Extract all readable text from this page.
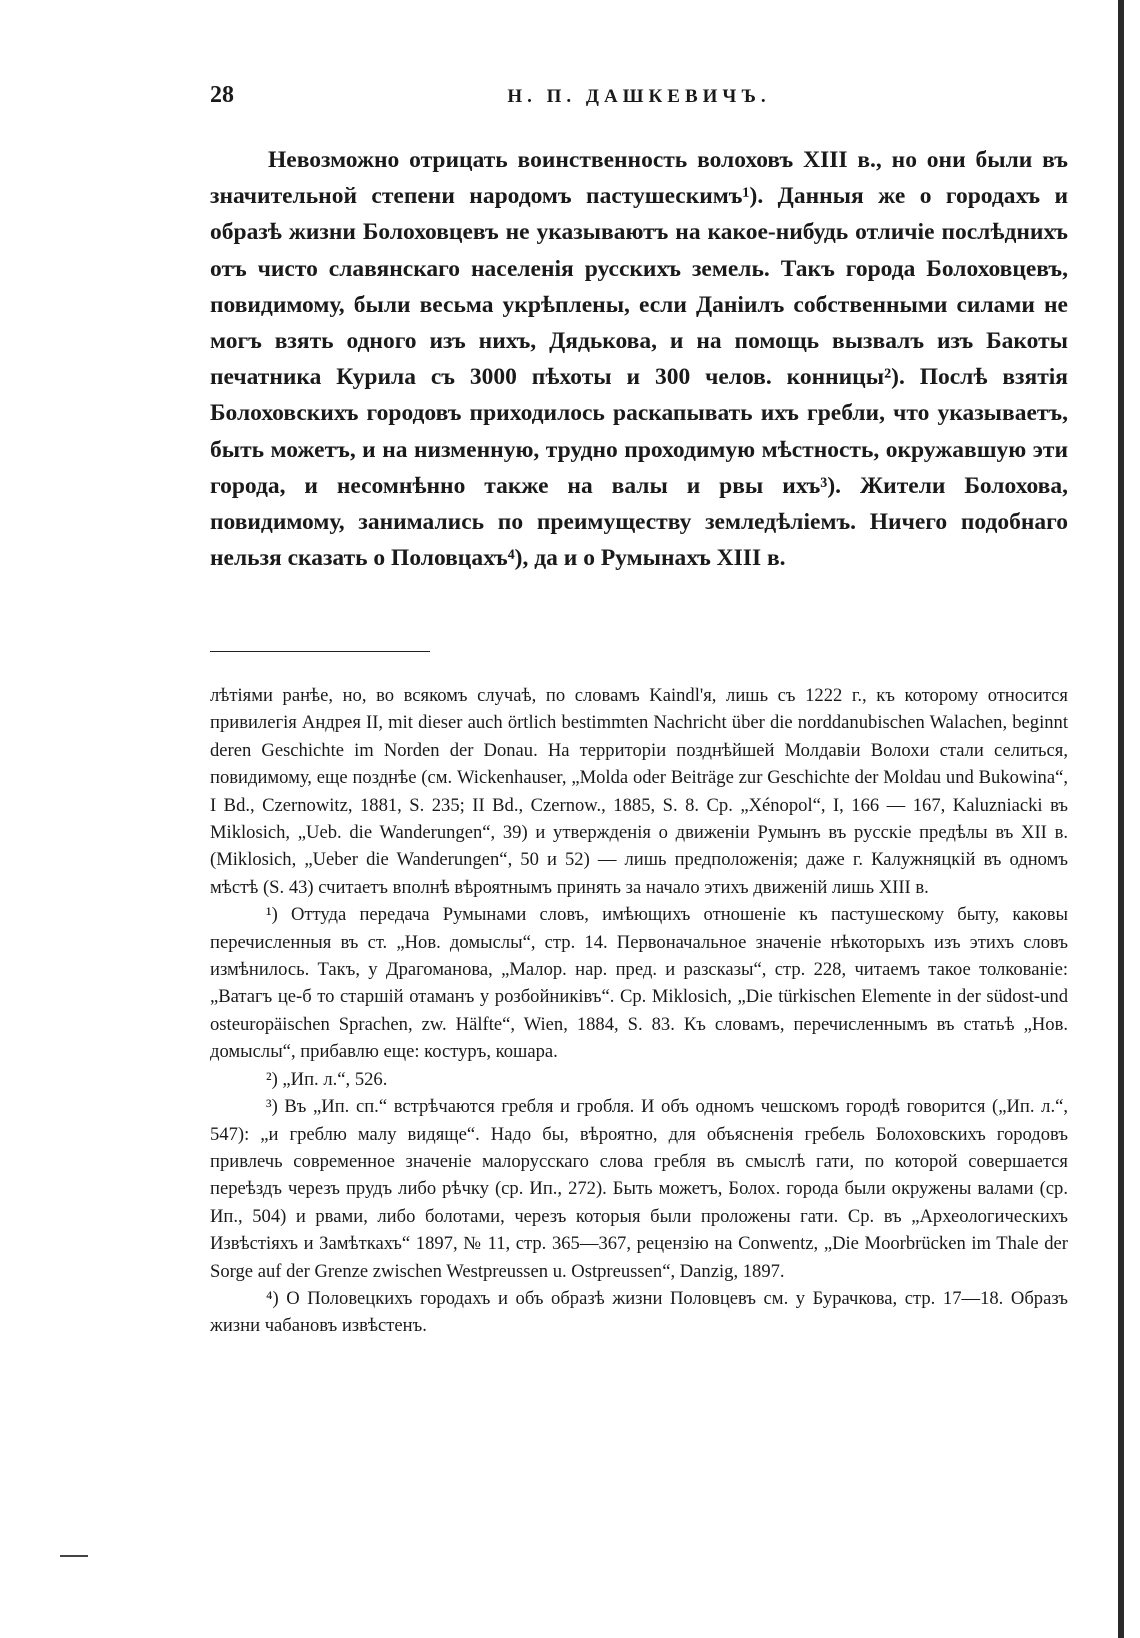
28	Н. П. ДАШКЕВИЧЪ.

Невозможно отрицать воинственность волоховъ XIII в., но они были въ значительной степени народомъ пастушескимъ¹). Данныя же о городахъ и образѣ жизни Болоховцевъ не указываютъ на какое-нибудь отличіе послѣднихъ отъ чисто славянскаго населенія русскихъ земель. Такъ города Болоховцевъ, повидимому, были весьма укрѣплены, если Даніилъ собственными силами не могъ взять одного изъ нихъ, Дядькова, и на помощь вызвалъ изъ Бакоты печатника Курила съ 3000 пѣхоты и 300 челов. конницы²). Послѣ взятія Болоховскихъ городовъ приходилось раскапывать ихъ гребли, что указываетъ, быть можетъ, и на низменную, трудно проходимую мѣстность, окружавшую эти города, и несомнѣнно также на валы и рвы ихъ³). Жители Болохова, повидимому, занимались по преимуществу земледѣліемъ. Ничего подобнаго нельзя сказать о Половцахъ⁴), да и о Румынахъ XIII в.

лѣтіями ранѣе, но, во всякомъ случаѣ, по словамъ Kaindl'я, лишь съ 1222 г., къ которому относится привилегія Андрея II, mit dieser auch örtlich bestimmten Nachricht über die norddanubischen Walachen, beginnt deren Geschichte im Norden der Donau. На территоріи позднѣйшей Молдавіи Волохи стали селиться, повидимому, еще позднѣе (см. Wickenhauser, „Molda oder Beiträge zur Geschichte der Moldau und Bukowina“, I Bd., Czernowitz, 1881, S. 235; II Bd., Czernow., 1885, S. 8. Cp. „Xénopol“, I, 166 — 167, Kaluzniacki въ Miklosich, „Ueb. die Wanderungen“, 39) и утвержденія о движеніи Румынъ въ русскіе предѣлы въ XII в. (Miklosich, „Ueber die Wanderungen“, 50 и 52) — лишь предположенія; даже г. Калужняцкій въ одномъ мѣстѣ (S. 43) считаетъ вполнѣ вѣроятнымъ принять за начало этихъ движеній лишь XIII в.

¹) Оттуда передача Румынами словъ, имѣющихъ отношеніе къ пастушескому быту, каковы перечисленныя въ ст. „Нов. домыслы“, стр. 14. Первоначальное значеніе нѣкоторыхъ изъ этихъ словъ измѣнилось. Такъ, у Драгоманова, „Малор. нар. пред. и разсказы“, стр. 228, читаемъ такое толкованіе: „Ватагъ це-б то старшій отаманъ у розбойниківъ“. Ср. Miklosich, „Die türkischen Elemente in der südost-und osteuropäischen Sprachen, zw. Hälfte“, Wien, 1884, S. 83. Къ словамъ, перечисленнымъ въ статьѣ „Нов. домыслы“, прибавлю еще: костуръ, кошара.

²) „Ип. л.“, 526.

³) Въ „Ип. сп.“ встрѣчаются гребля и гробля. И объ одномъ чешскомъ городѣ говорится („Ип. л.“, 547): „и греблю малу видяще“. Надо бы, вѣроятно, для объясненія гребель Болоховскихъ городовъ привлечь современное значеніе малорусскаго слова гребля въ смыслѣ гати, по которой совершается переѣздъ черезъ прудъ либо рѣчку (ср. Ип., 272). Быть можетъ, Болох. города были окружены валами (ср. Ип., 504) и рвами, либо болотами, черезъ которыя были проложены гати. Ср. въ „Археологическихъ Извѣстіяхъ и Замѣткахъ“ 1897, № 11, стр. 365—367, рецензію на Conwentz, „Die Moorbrücken im Thale der Sorge auf der Grenze zwischen Westpreussen u. Ostpreussen“, Danzig, 1897.

⁴) О Половецкихъ городахъ и объ образѣ жизни Половцевъ см. у Бурачкова, стр. 17—18. Образъ жизни чабановъ извѣстенъ.
